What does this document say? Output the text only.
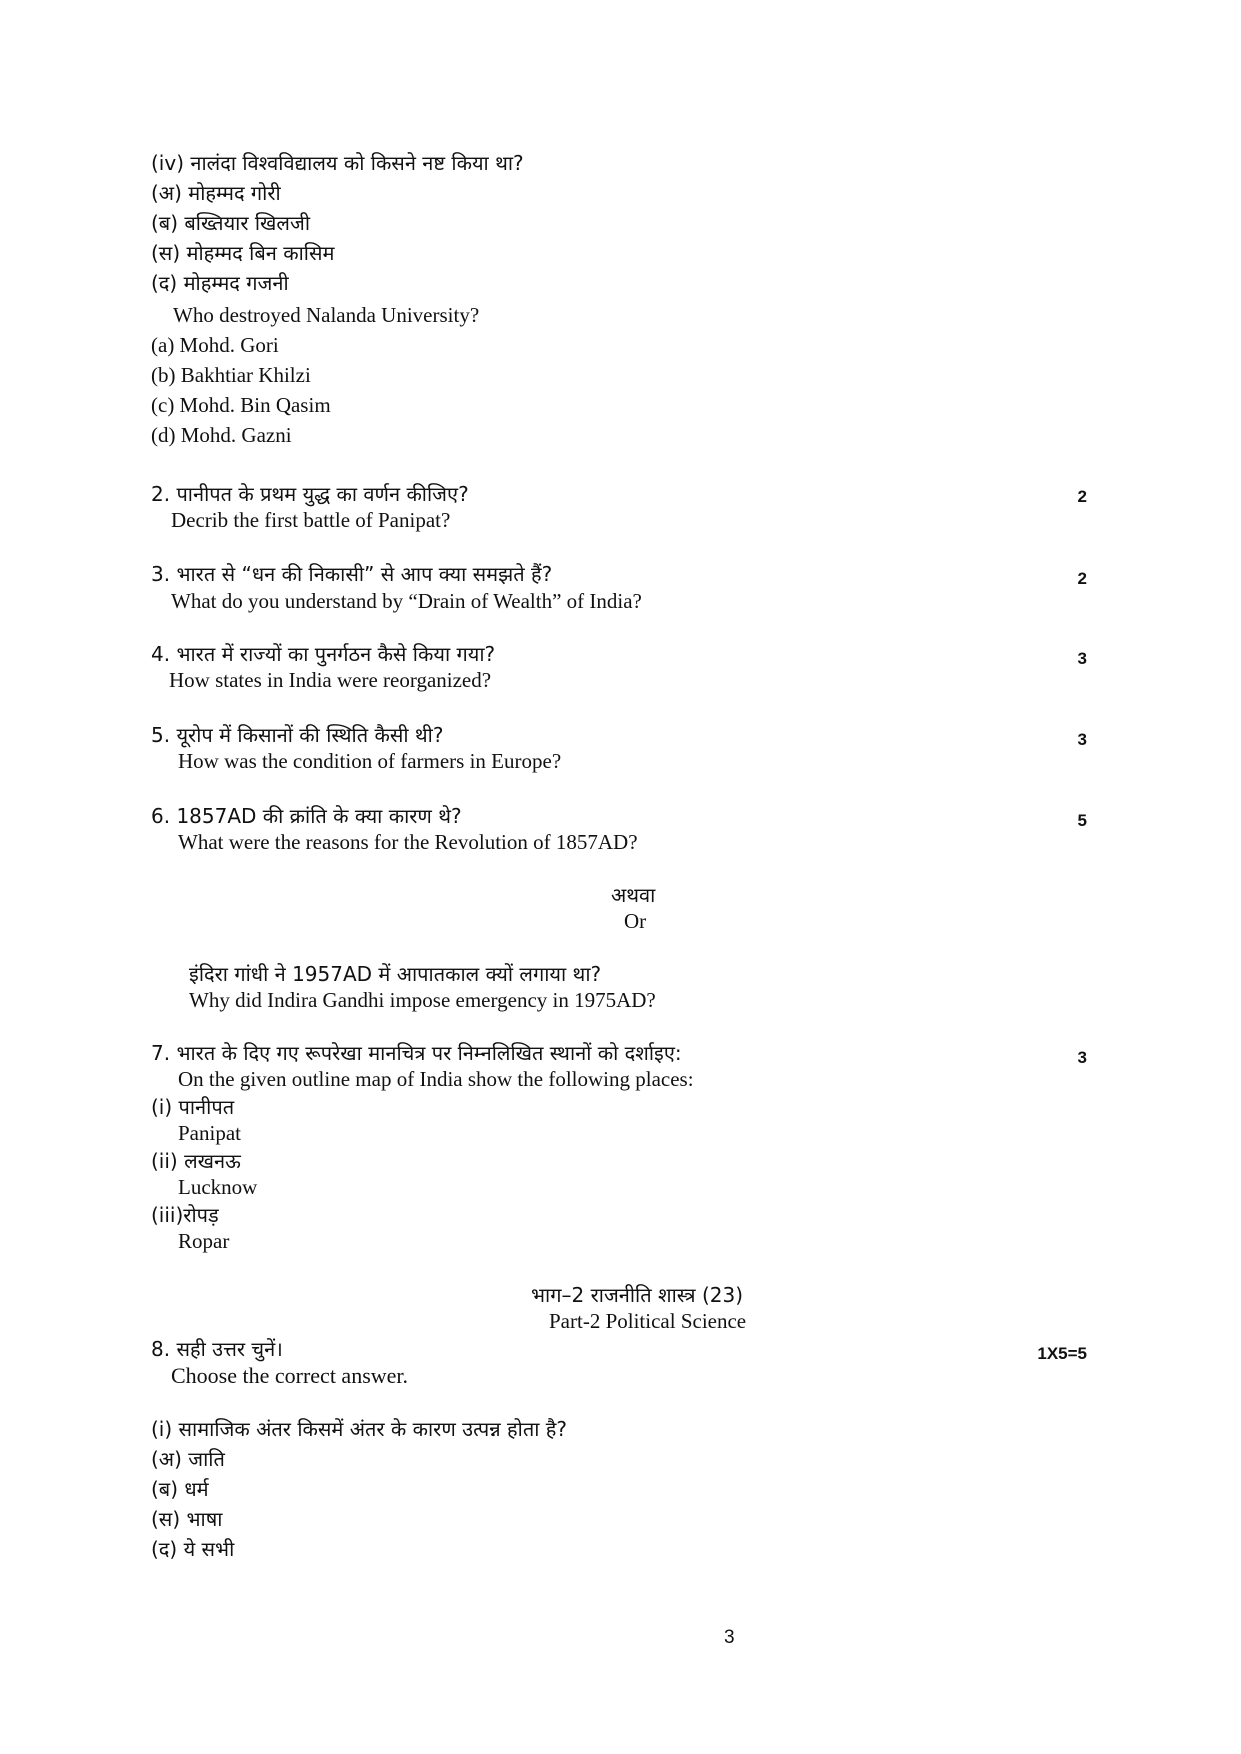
(iv) नालंदा विश्वविद्यालय को किसने नष्ट किया था?
(अ) मोहम्मद गोरी
(ब) बख्तियार खिलजी
(स) मोहम्मद बिन कासिम
(द) मोहम्मद गजनी
Who destroyed Nalanda University?
(a) Mohd. Gori
(b) Bakhtiar Khilzi
(c) Mohd. Bin Qasim
(d) Mohd. Gazni
2. पानीपत के प्रथम युद्ध का वर्णन कीजिए?
Decrib the first battle of Panipat?
2
3. भारत से “धन की निकासी” से आप क्या समझते हैं?
What do you understand by “Drain of Wealth” of India?
2
4. भारत में राज्यों का पुनर्गठन कैसे किया गया?
How states in India were reorganized?
3
5. यूरोप में किसानों की स्थिति कैसी थी?
How was the condition of farmers in Europe?
3
6. 1857AD की क्रांति के क्या कारण थे?
What were the reasons for the Revolution of 1857AD?
5
अथवा
Or
इंदिरा गांधी ने 1957AD में आपातकाल क्यों लगाया था?
Why did Indira Gandhi impose emergency in 1975AD?
7. भारत के दिए गए रूपरेखा मानचित्र पर निम्नलिखित स्थानों को दर्शाइए:
On the given outline map of India show the following places:
3
(i) पानीपत
Panipat
(ii) लखनऊ
Lucknow
(iii)रोपड़
Ropar
भाग–2 राजनीति शास्त्र (23)
Part-2 Political Science
8. सही उत्तर चुनें।
Choose the correct answer.
1X5=5
(i) सामाजिक अंतर किसमें अंतर के कारण उत्पन्न होता है?
(अ) जाति
(ब) धर्म
(स) भाषा
(द) ये सभी
3
